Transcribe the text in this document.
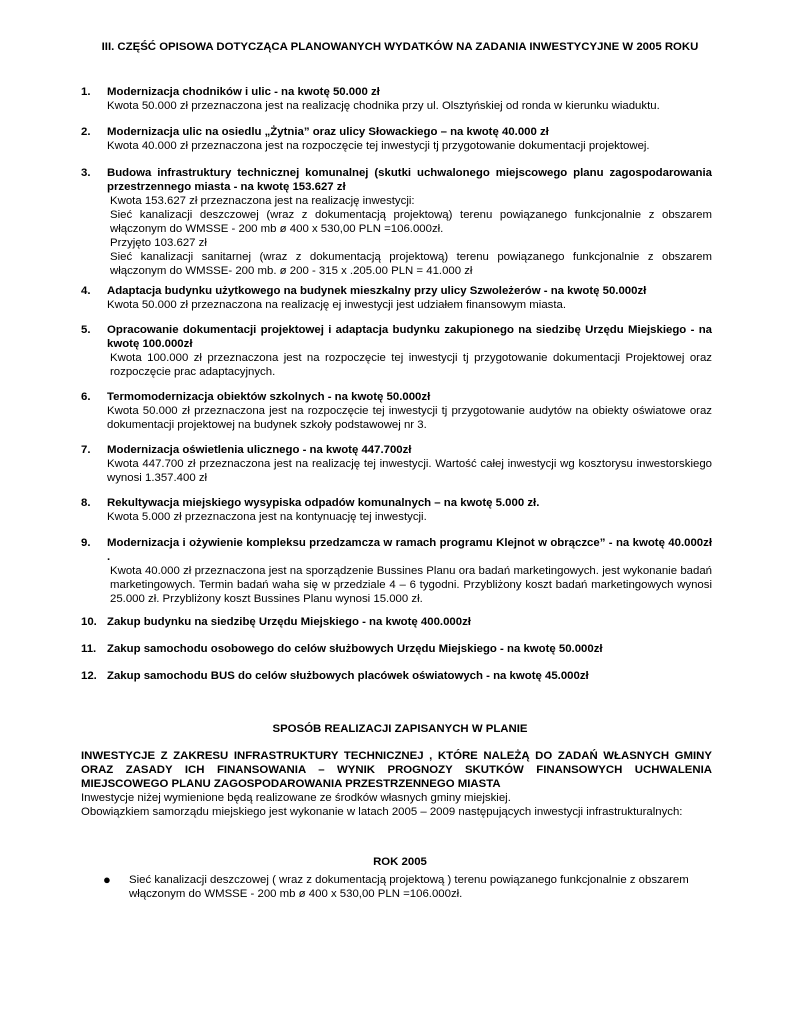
III. CZĘŚĆ OPISOWA DOTYCZĄCA PLANOWANYCH WYDATKÓW NA ZADANIA INWESTYCYJNE W 2005 ROKU
1. Modernizacja chodników i ulic - na kwotę 50.000 zł
Kwota 50.000 zł przeznaczona jest na realizację chodnika przy ul. Olsztyńskiej od ronda w kierunku wiaduktu.
2. Modernizacja ulic na osiedlu „Żytnia” oraz ulicy Słowackiego – na kwotę 40.000 zł
Kwota 40.000 zł przeznaczona jest na rozpoczęcie tej inwestycji tj przygotowanie dokumentacji projektowej.
3. Budowa infrastruktury technicznej komunalnej (skutki uchwalonego miejscowego planu zagospodarowania przestrzennego miasta - na kwotę 153.627 zł
Kwota 153.627 zł przeznaczona jest na realizację inwestycji:
Sieć kanalizacji deszczowej (wraz z dokumentacją projektową) terenu powiązanego funkcjonalnie z obszarem włączonym do WMSSE - 200 mb ø 400 x 530,00 PLN =106.000zł.
Przyjęto 103.627 zł
Sieć kanalizacji sanitarnej (wraz z dokumentacją projektową) terenu powiązanego funkcjonalnie z obszarem włączonym do WMSSE- 200 mb. ø 200 - 315 x .205.00 PLN = 41.000 zł
4. Adaptacja budynku użytkowego na budynek mieszkalny przy ulicy Szwoleżerów - na kwotę 50.000zł
Kwota 50.000 zł przeznaczona na realizację ej inwestycji jest udziałem finansowym miasta.
5. Opracowanie dokumentacji projektowej i adaptacja budynku zakupionego na siedzibę Urzędu Miejskiego - na kwotę 100.000zł
Kwota 100.000 zł przeznaczona jest na rozpoczęcie tej inwestycji tj przygotowanie dokumentacji Projektowej oraz rozpoczęcie prac adaptacyjnych.
6. Termomodernizacja obiektów szkolnych - na kwotę 50.000zł
Kwota 50.000 zł przeznaczona jest na rozpoczęcie tej inwestycji tj przygotowanie audytów na obiekty oświatowe oraz dokumentacji projektowej na budynek szkoły podstawowej nr 3.
7. Modernizacja oświetlenia ulicznego - na kwotę 447.700zł
Kwota 447.700 zł przeznaczona jest na realizację tej inwestycji. Wartość całej inwestycji wg kosztorysu inwestorskiego wynosi 1.357.400 zł
8. Rekultywacja miejskiego wysypiska odpadów komunalnych – na kwotę 5.000 zł.
Kwota 5.000 zł przeznaczona jest na kontynuację tej inwestycji.
9. Modernizacja i ożywienie kompleksu przedzamcza w ramach programu Klejnot w obrączce” - na kwotę 40.000zł .
Kwota 40.000 zł przeznaczona jest na sporządzenie Bussines Planu ora badań marketingowych. jest wykonanie badań marketingowych. Termin badań waha się w przedziale 4 – 6 tygodni. Przybliżony koszt badań marketingowych wynosi 25.000 zł. Przybliżony koszt Bussines Planu wynosi 15.000 zł.
10. Zakup budynku na siedzibę Urzędu Miejskiego - na kwotę 400.000zł
11. Zakup samochodu osobowego do celów służbowych Urzędu Miejskiego - na kwotę 50.000zł
12. Zakup samochodu BUS do celów służbowych placówek oświatowych - na kwotę 45.000zł
SPOSÓB REALIZACJI ZAPISANYCH W PLANIE
INWESTYCJE Z ZAKRESU INFRASTRUKTURY TECHNICZNEJ , KTÓRE NALEŻĄ DO ZADAŃ WŁASNYCH GMINY ORAZ ZASADY ICH FINANSOWANIA – WYNIK PROGNOZY SKUTKÓW FINANSOWYCH UCHWALENIA MIEJSCOWEGO PLANU ZAGOSPODAROWANIA PRZESTRZENNEGO MIASTA
Inwestycje niżej wymienione będą realizowane ze środków własnych gminy miejskiej.
Obowiązkiem samorządu miejskiego jest wykonanie w latach 2005 – 2009 następujących inwestycji infrastrukturalnych:
ROK 2005
● Sieć kanalizacji deszczowej ( wraz z dokumentacją projektową ) terenu powiązanego funkcjonalnie z obszarem włączonym do WMSSE - 200 mb ø 400 x 530,00 PLN =106.000zł.
